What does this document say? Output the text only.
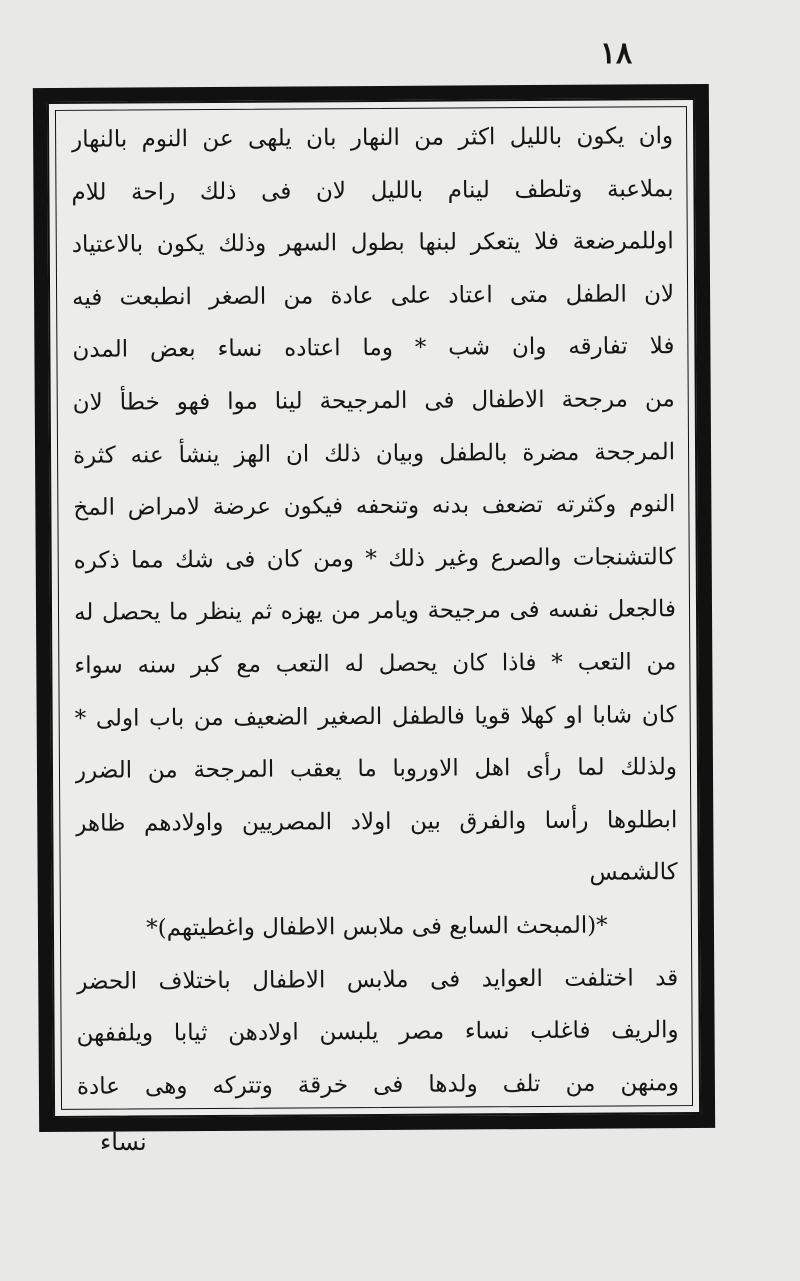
١٨
وان يكون بالليل اكثر من النهار بان يلهى عن النوم بالنهار
بملاعبة وتلطف لينام بالليل لان فى ذلك راحة للام
اوللمرضعة فلا يتعكر لبنها بطول السهر وذلك يكون بالاعتياد
لان الطفل متى اعتاد على عادة من الصغر انطبعت فيه
فلا تفارقه وان شب * وما اعتاده نساء بعض المدن
من مرجحة الاطفال فى المرجيحة لينا موا فهو خطأ لان
المرجحة مضرة بالطفل وبيان ذلك ان الهز ينشأ عنه كثرة
النوم وكثرته تضعف بدنه وتنحفه فيكون عرضة لامراض المخ
كالتشنجات والصرع وغير ذلك * ومن كان فى شك مما ذكره
فالجعل نفسه فى مرجيحة ويامر من يهزه ثم ينظر ما يحصل له
من التعب * فاذا كان يحصل له التعب مع كبر سنه سواء
كان شابا او كهلا قويا فالطفل الصغير الضعيف من باب اولى *
ولذلك لما رأى اهل الاوروبا ما يعقب المرجحة من الضرر
ابطلوها رأسا والفرق بين اولاد المصريين واولادهم ظاهر
كالشمس
*(المبحث السابع فى ملابس الاطفال واغطيتهم)*
قد اختلفت العوايد فى ملابس الاطفال باختلاف الحضر
والريف فاغلب نساء مصر يلبسن اولادهن ثيابا ويلففهن
ومنهن من تلف ولدها فى خرقة وتتركه وهى عادة
نساء
